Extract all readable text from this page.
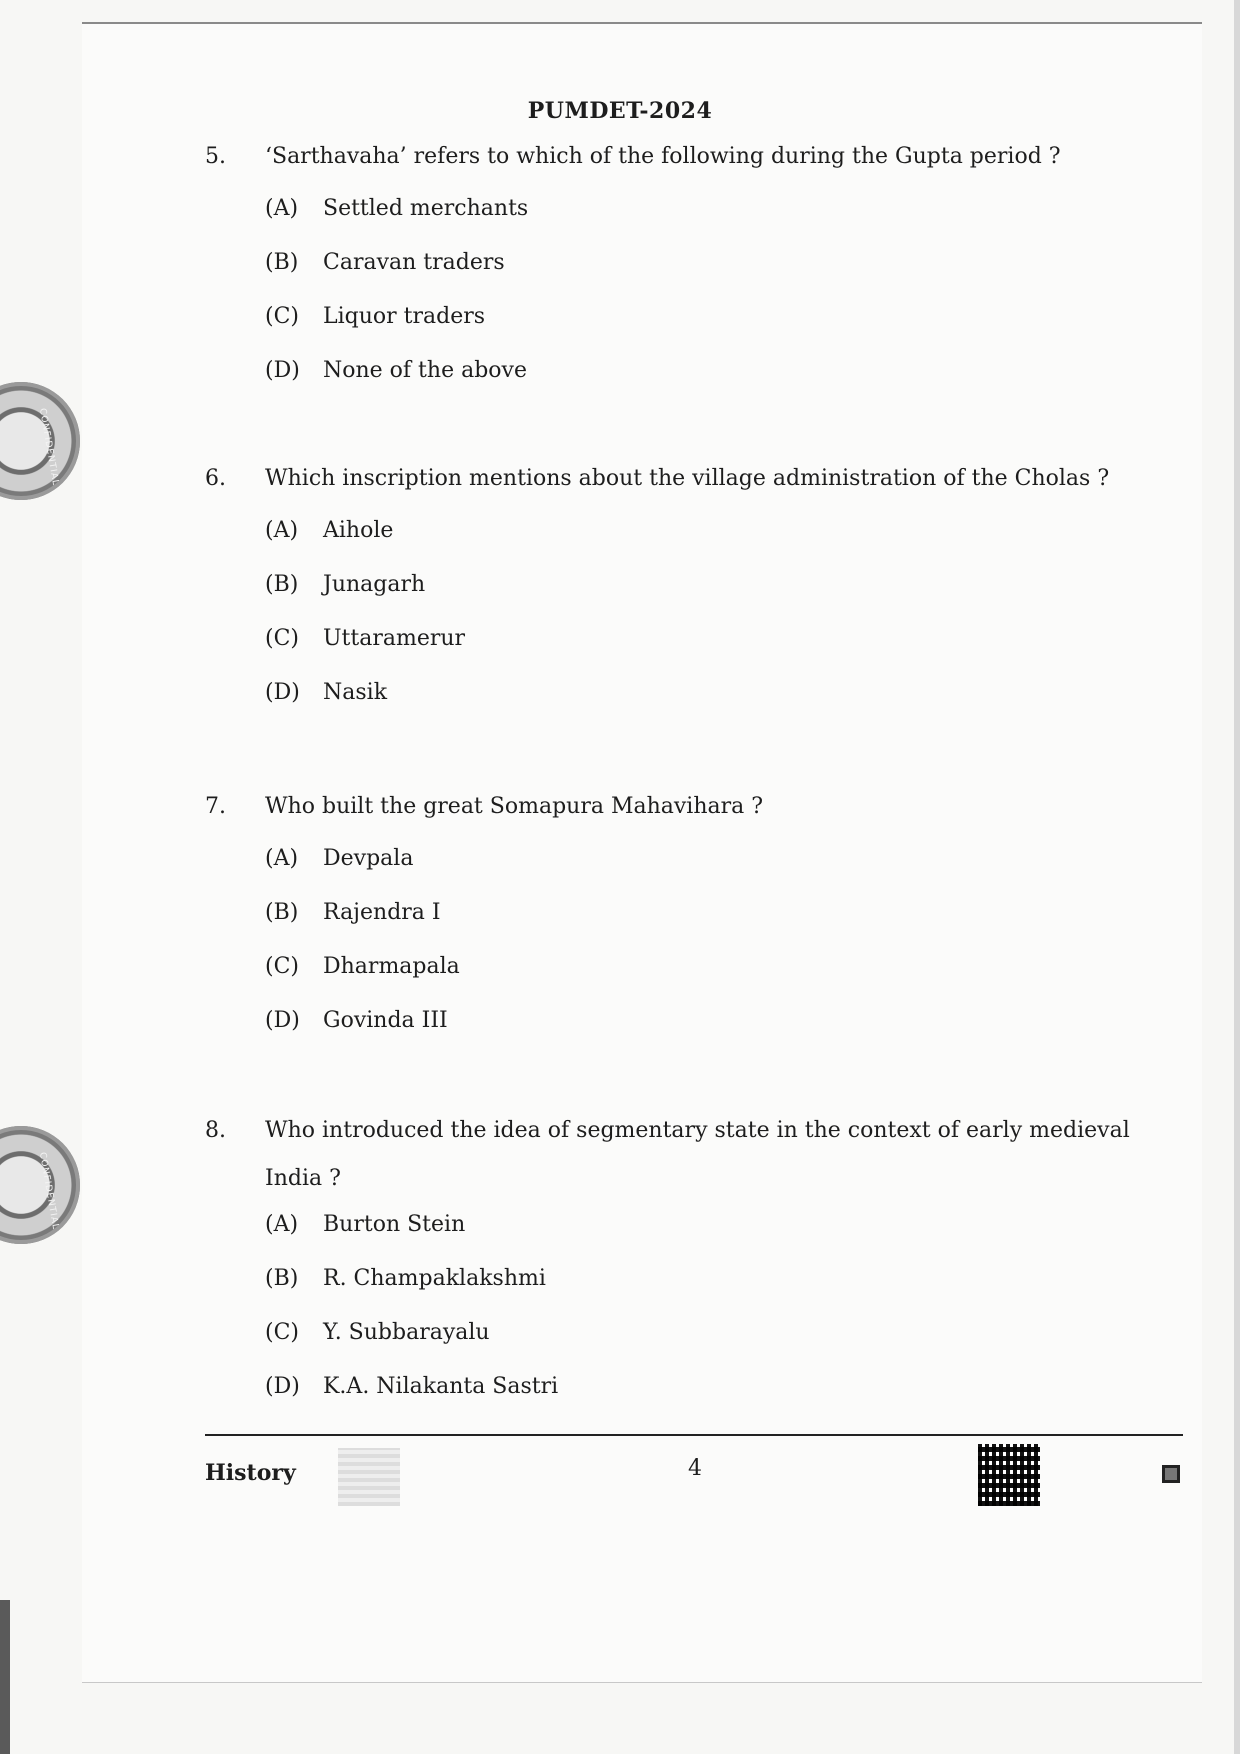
CONFIDENTIAL
CONFIDENTIAL
PUMDET-2024
5.	‘Sarthavaha’ refers to which of the following during the Gupta period ?
(A)	Settled merchants
(B)	Caravan traders
(C)	Liquor traders
(D)	None of the above
6.	Which inscription mentions about the village administration of the Cholas ?
(A)	Aihole
(B)	Junagarh
(C)	Uttaramerur
(D)	Nasik
7.	Who built the great Somapura Mahavihara ?
(A)	Devpala
(B)	Rajendra I
(C)	Dharmapala
(D)	Govinda III
8.	Who introduced the idea of segmentary state in the context of early medieval
India ?
(A)	Burton Stein
(B)	R. Champaklakshmi
(C)	Y. Subbarayalu
(D)	K.A. Nilakanta Sastri
History	4
